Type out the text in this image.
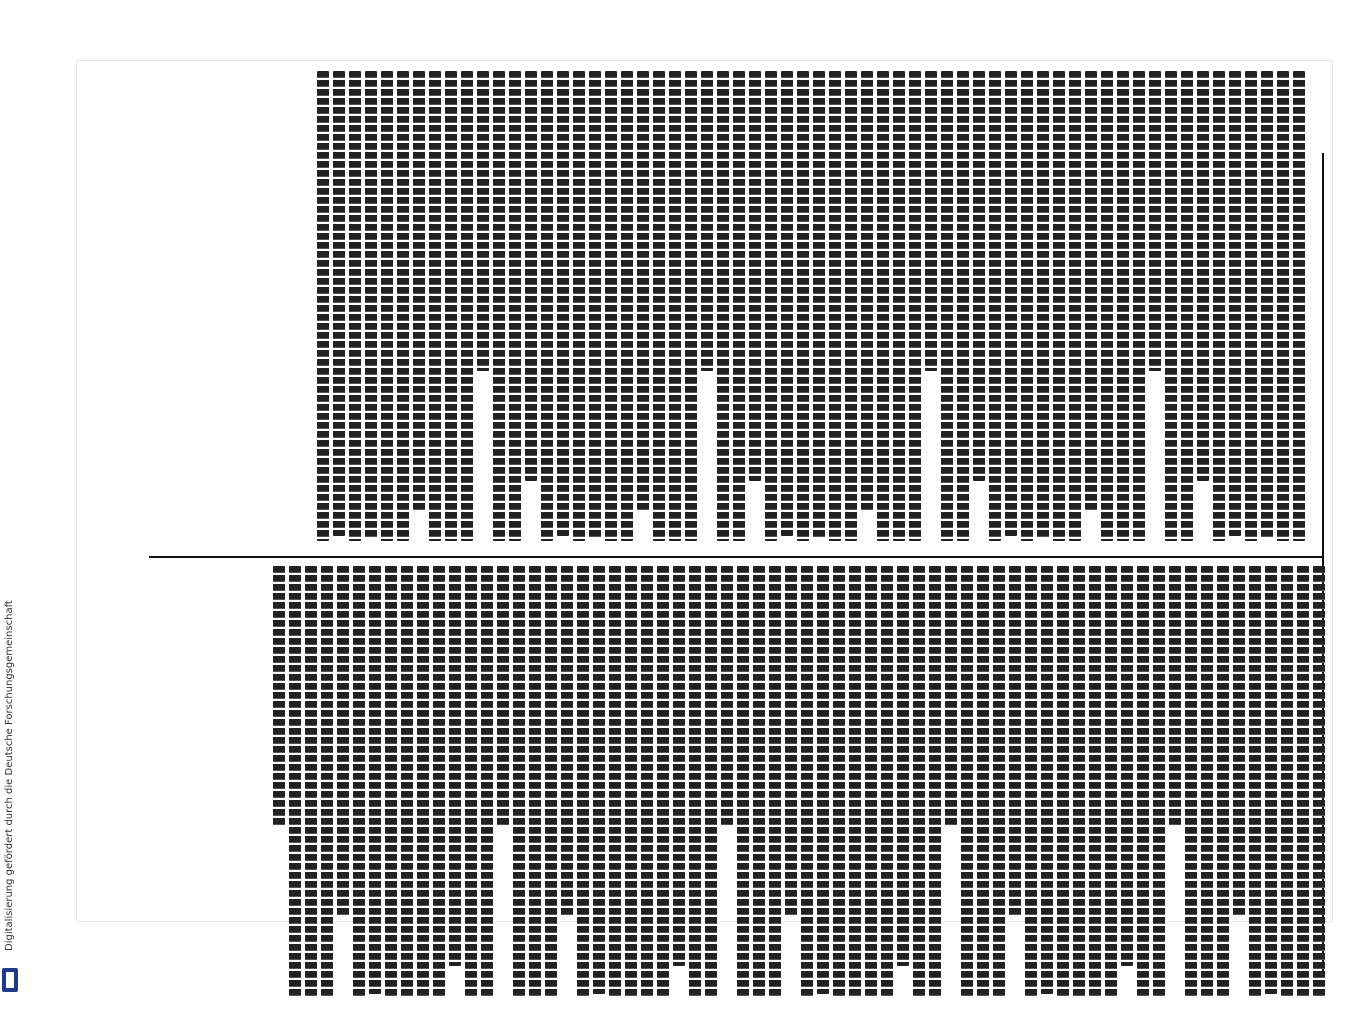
Digitalisierung gefördert durch die Deutsche Forschungsgemeinschaft
